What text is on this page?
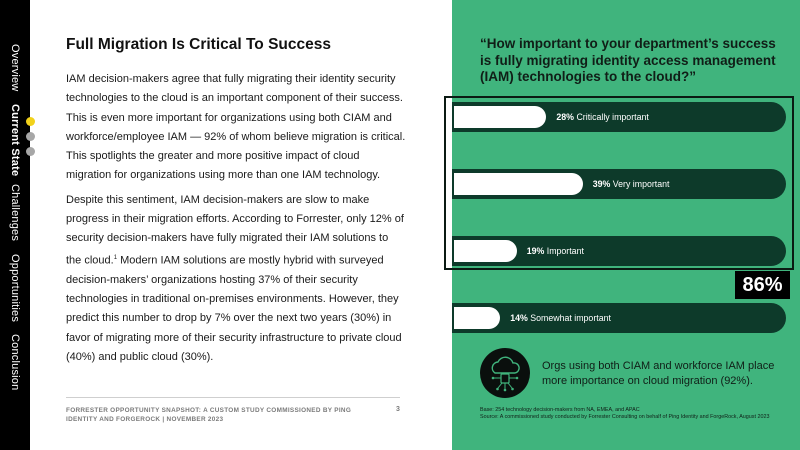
Overview
Current State
Challenges
Opportunities
Conclusion
Full Migration Is Critical To Success

IAM decision-makers agree that fully migrating their identity security technologies to the cloud is an important component of their success. This is even more important for organizations using both CIAM and workforce/employee IAM — 92% of whom believe migration is critical. This spotlights the greater and more positive impact of cloud migration for organizations using more than one IAM technology.

Despite this sentiment, IAM decision-makers are slow to make progress in their migration efforts. According to Forrester, only 12% of security decision-makers have fully migrated their IAM solutions to the cloud.$^1$ Modern IAM solutions are mostly hybrid with surveyed decision-makers’ organizations hosting 37% of their security technologies in traditional on-premises environments. However, they predict this number to drop by 7% over the next two years (30%) in favor of migrating more of their security infrastructure to private cloud (40%) and public cloud (30%).

FORRESTER OPPORTUNITY SNAPSHOT: A CUSTOM STUDY COMMISSIONED BY PING IDENTITY AND FORGEROCK | NOVEMBER 2023
3
“How important to your department’s success is fully migrating identity access management (IAM) technologies to the cloud?”
28% Critically important
39% Very important
19% Important
14% Somewhat important
86%
Orgs using both CIAM and workforce IAM place more importance on cloud migration (92%).
Base: 254 technology decision-makers from NA, EMEA, and APAC
Source: A commissioned study conducted by Forrester Consulting on behalf of Ping Identity and ForgeRock, August 2023
